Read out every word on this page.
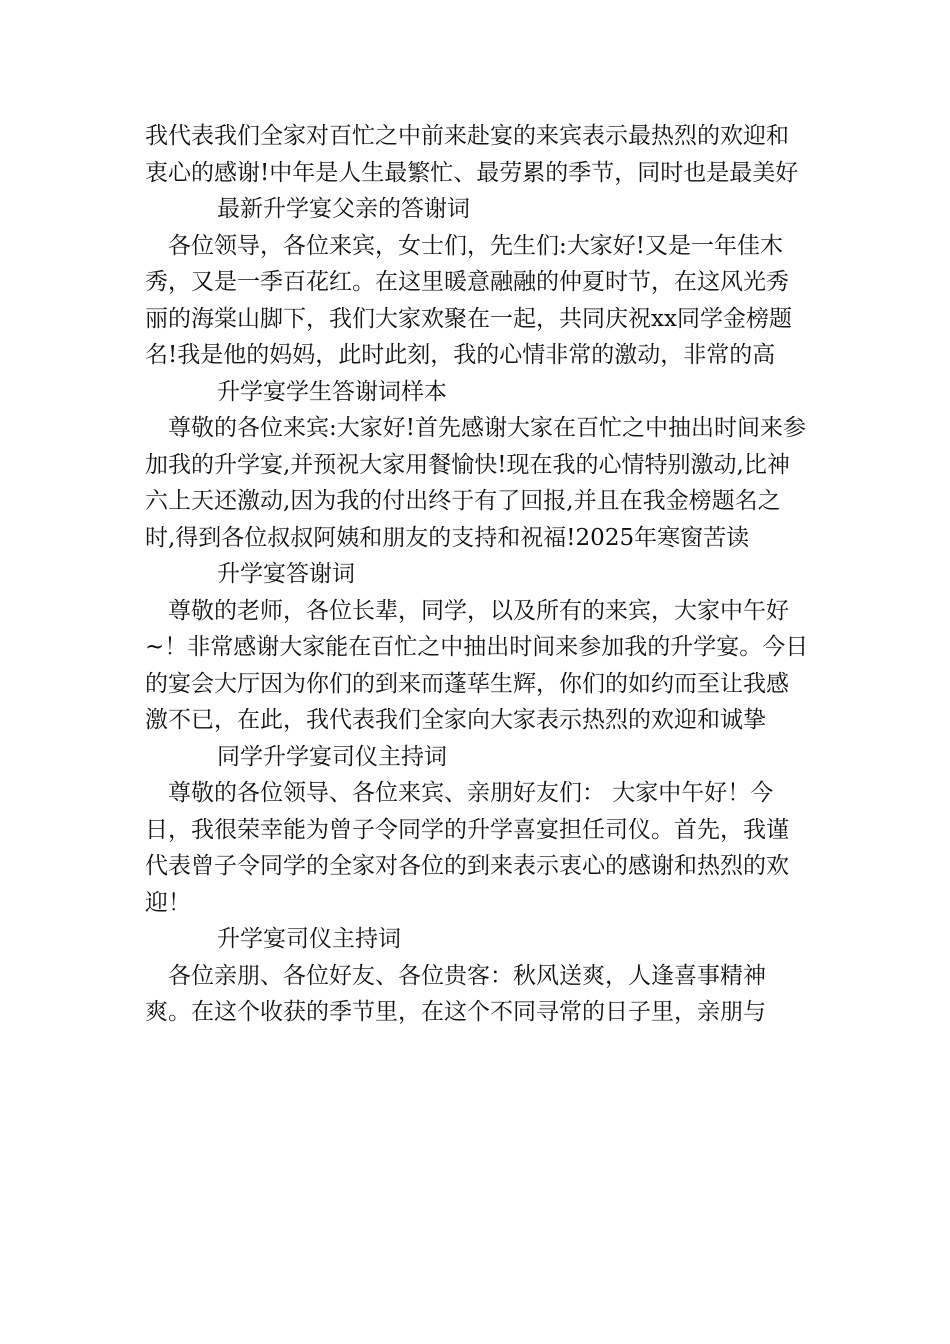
我代表我们全家对百忙之中前来赴宴的来宾表示最热烈的欢迎和衷心的感谢!中年是人生最繁忙、最劳累的季节，同时也是最美好

最新升学宴父亲的答谢词

各位领导，各位来宾，女士们，先生们:大家好!又是一年佳木秀，又是一季百花红。在这里暖意融融的仲夏时节，在这风光秀丽的海棠山脚下，我们大家欢聚在一起，共同庆祝xx同学金榜题名!我是他的妈妈，此时此刻，我的心情非常的激动，非常的高

升学宴学生答谢词样本

尊敬的各位来宾:大家好!首先感谢大家在百忙之中抽出时间来参加我的升学宴,并预祝大家用餐愉快!现在我的心情特别激动,比神六上天还激动,因为我的付出终于有了回报,并且在我金榜题名之时,得到各位叔叔阿姨和朋友的支持和祝福!2025年寒窗苦读

升学宴答谢词

尊敬的老师，各位长辈，同学，以及所有的来宾，大家中午好~！非常感谢大家能在百忙之中抽出时间来参加我的升学宴。今日的宴会大厅因为你们的到来而蓬荜生辉，你们的如约而至让我感激不已，在此，我代表我们全家向大家表示热烈的欢迎和诚挚

同学升学宴司仪主持词

尊敬的各位领导、各位来宾、亲朋好友们： 大家中午好！今日，我很荣幸能为曾子令同学的升学喜宴担任司仪。首先，我谨代表曾子令同学的全家对各位的到来表示衷心的感谢和热烈的欢迎！

升学宴司仪主持词

各位亲朋、各位好友、各位贵客：秋风送爽，人逢喜事精神爽。在这个收获的季节里，在这个不同寻常的日子里，亲朋与
